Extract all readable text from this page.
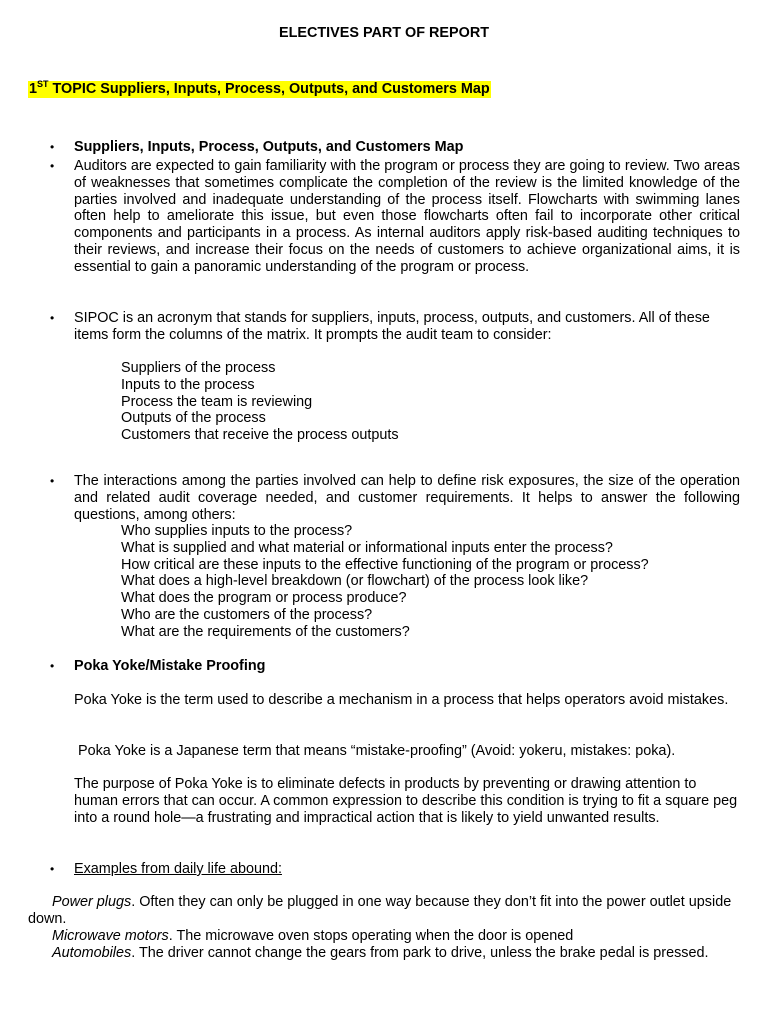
ELECTIVES PART OF REPORT
1ST TOPIC Suppliers, Inputs, Process, Outputs, and Customers Map
•	Suppliers, Inputs, Process, Outputs, and Customers Map
•	Auditors are expected to gain familiarity with the program or process they are going to review. Two areas of weaknesses that sometimes complicate the completion of the review is the limited knowledge of the parties involved and inadequate understanding of the process itself. Flowcharts with swimming lanes often help to ameliorate this issue, but even those flowcharts often fail to incorporate other critical components and participants in a process. As internal auditors apply risk-based auditing techniques to their reviews, and increase their focus on the needs of customers to achieve organizational aims, it is essential to gain a panoramic understanding of the program or process.
•	SIPOC is an acronym that stands for suppliers, inputs, process, outputs, and customers. All of these items form the columns of the matrix. It prompts the audit team to consider:
Suppliers of the process
Inputs to the process
Process the team is reviewing
Outputs of the process
Customers that receive the process outputs
•	The interactions among the parties involved can help to define risk exposures, the size of the operation and related audit coverage needed, and customer requirements. It helps to answer the following questions, among others:
Who supplies inputs to the process?
What is supplied and what material or informational inputs enter the process?
How critical are these inputs to the effective functioning of the program or process?
What does a high-level breakdown (or flowchart) of the process look like?
What does the program or process produce?
Who are the customers of the process?
What are the requirements of the customers?
•	Poka Yoke/Mistake Proofing
Poka Yoke is the term used to describe a mechanism in a process that helps operators avoid mistakes.
Poka Yoke is a Japanese term that means “mistake-proofing” (Avoid: yokeru, mistakes: poka).
The purpose of Poka Yoke is to eliminate defects in products by preventing or drawing attention to human errors that can occur. A common expression to describe this condition is trying to fit a square peg into a round hole—a frustrating and impractical action that is likely to yield unwanted results.
•	Examples from daily life abound:
Power plugs. Often they can only be plugged in one way because they don’t fit into the power outlet upside down.
Microwave motors. The microwave oven stops operating when the door is opened
Automobiles. The driver cannot change the gears from park to drive, unless the brake pedal is pressed.
